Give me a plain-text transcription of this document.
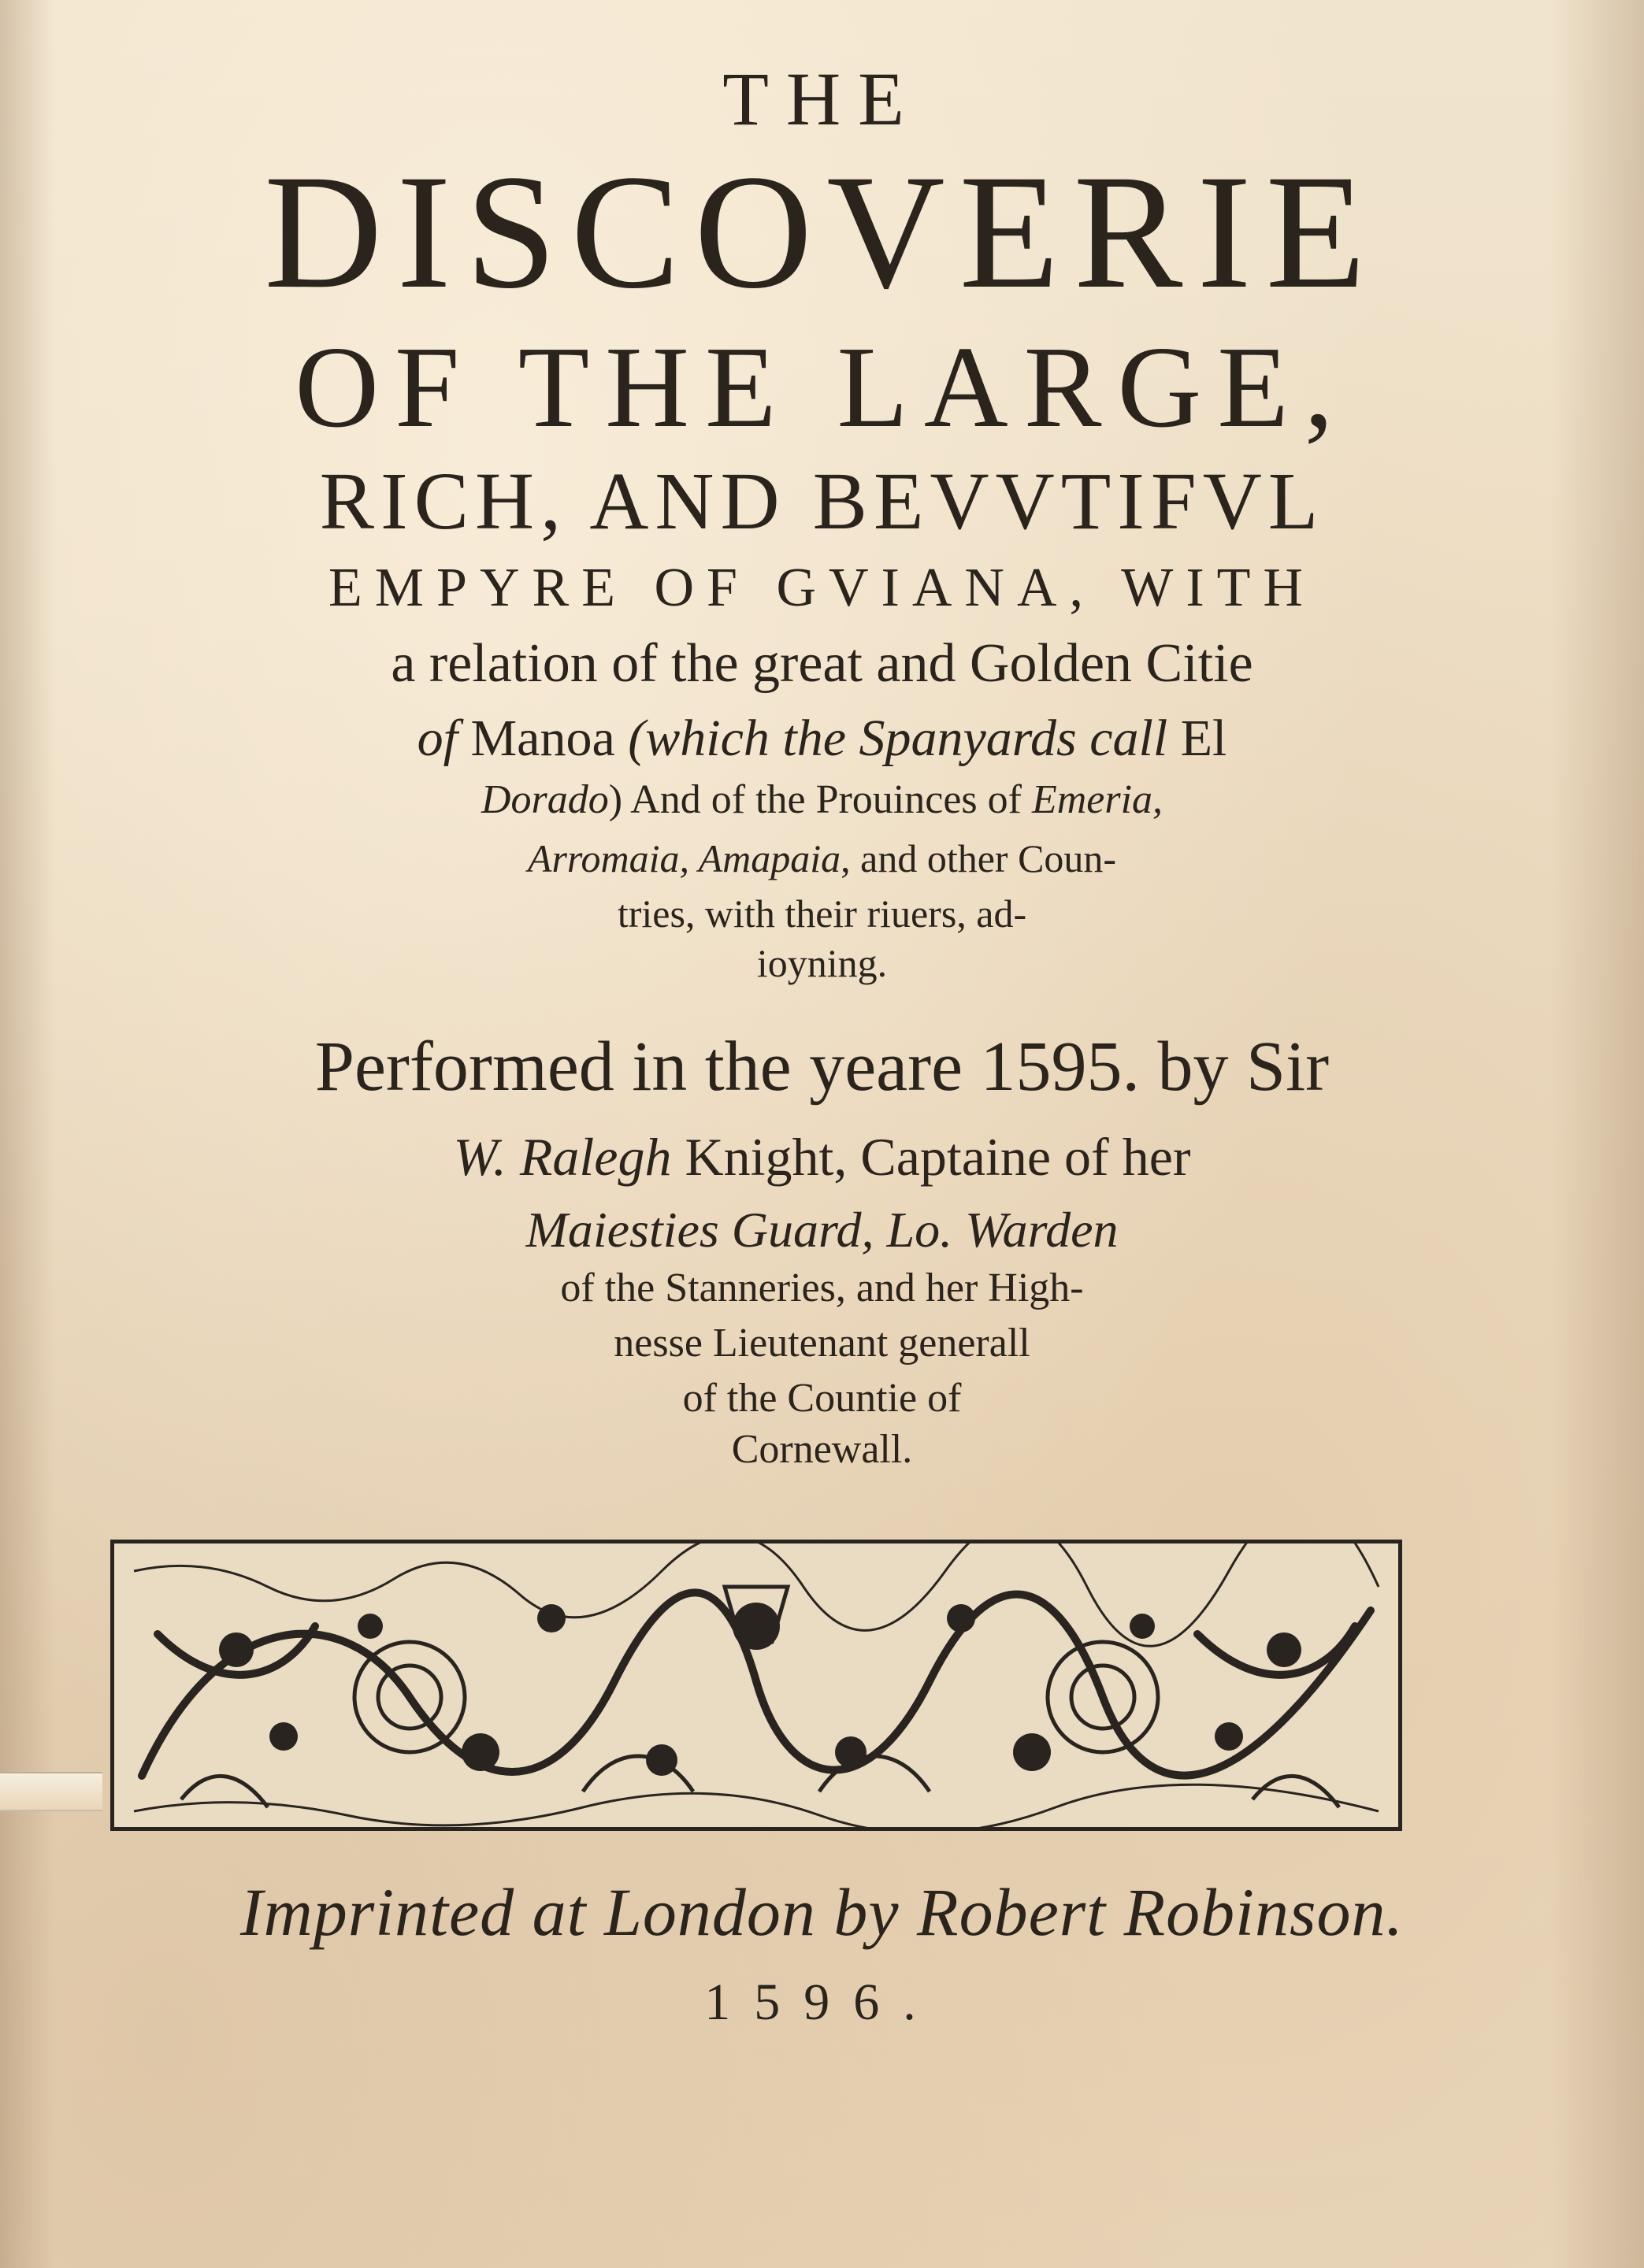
THE
DISCOVERIE
OF THE LARGE,
RICH, AND BEVVTIFVL
EMPYRE OF GVIANA, WITH
a relation of the great and Golden Citie
of Manoa (which the Spanyards call El
Dorado) And of the Prouinces of Emeria,
Arromaia, Amapaia, and other Coun-
tries, with their riuers, ad-
ioyning.
Performed in the yeare 1595. by Sir
W. Ralegh Knight, Captaine of her
Maiesties Guard, Lo. Warden
of the Stanneries, and her High-
nesse Lieutenant generall
of the Countie of
Cornewall.
Imprinted at London by Robert Robinson.
1596.
